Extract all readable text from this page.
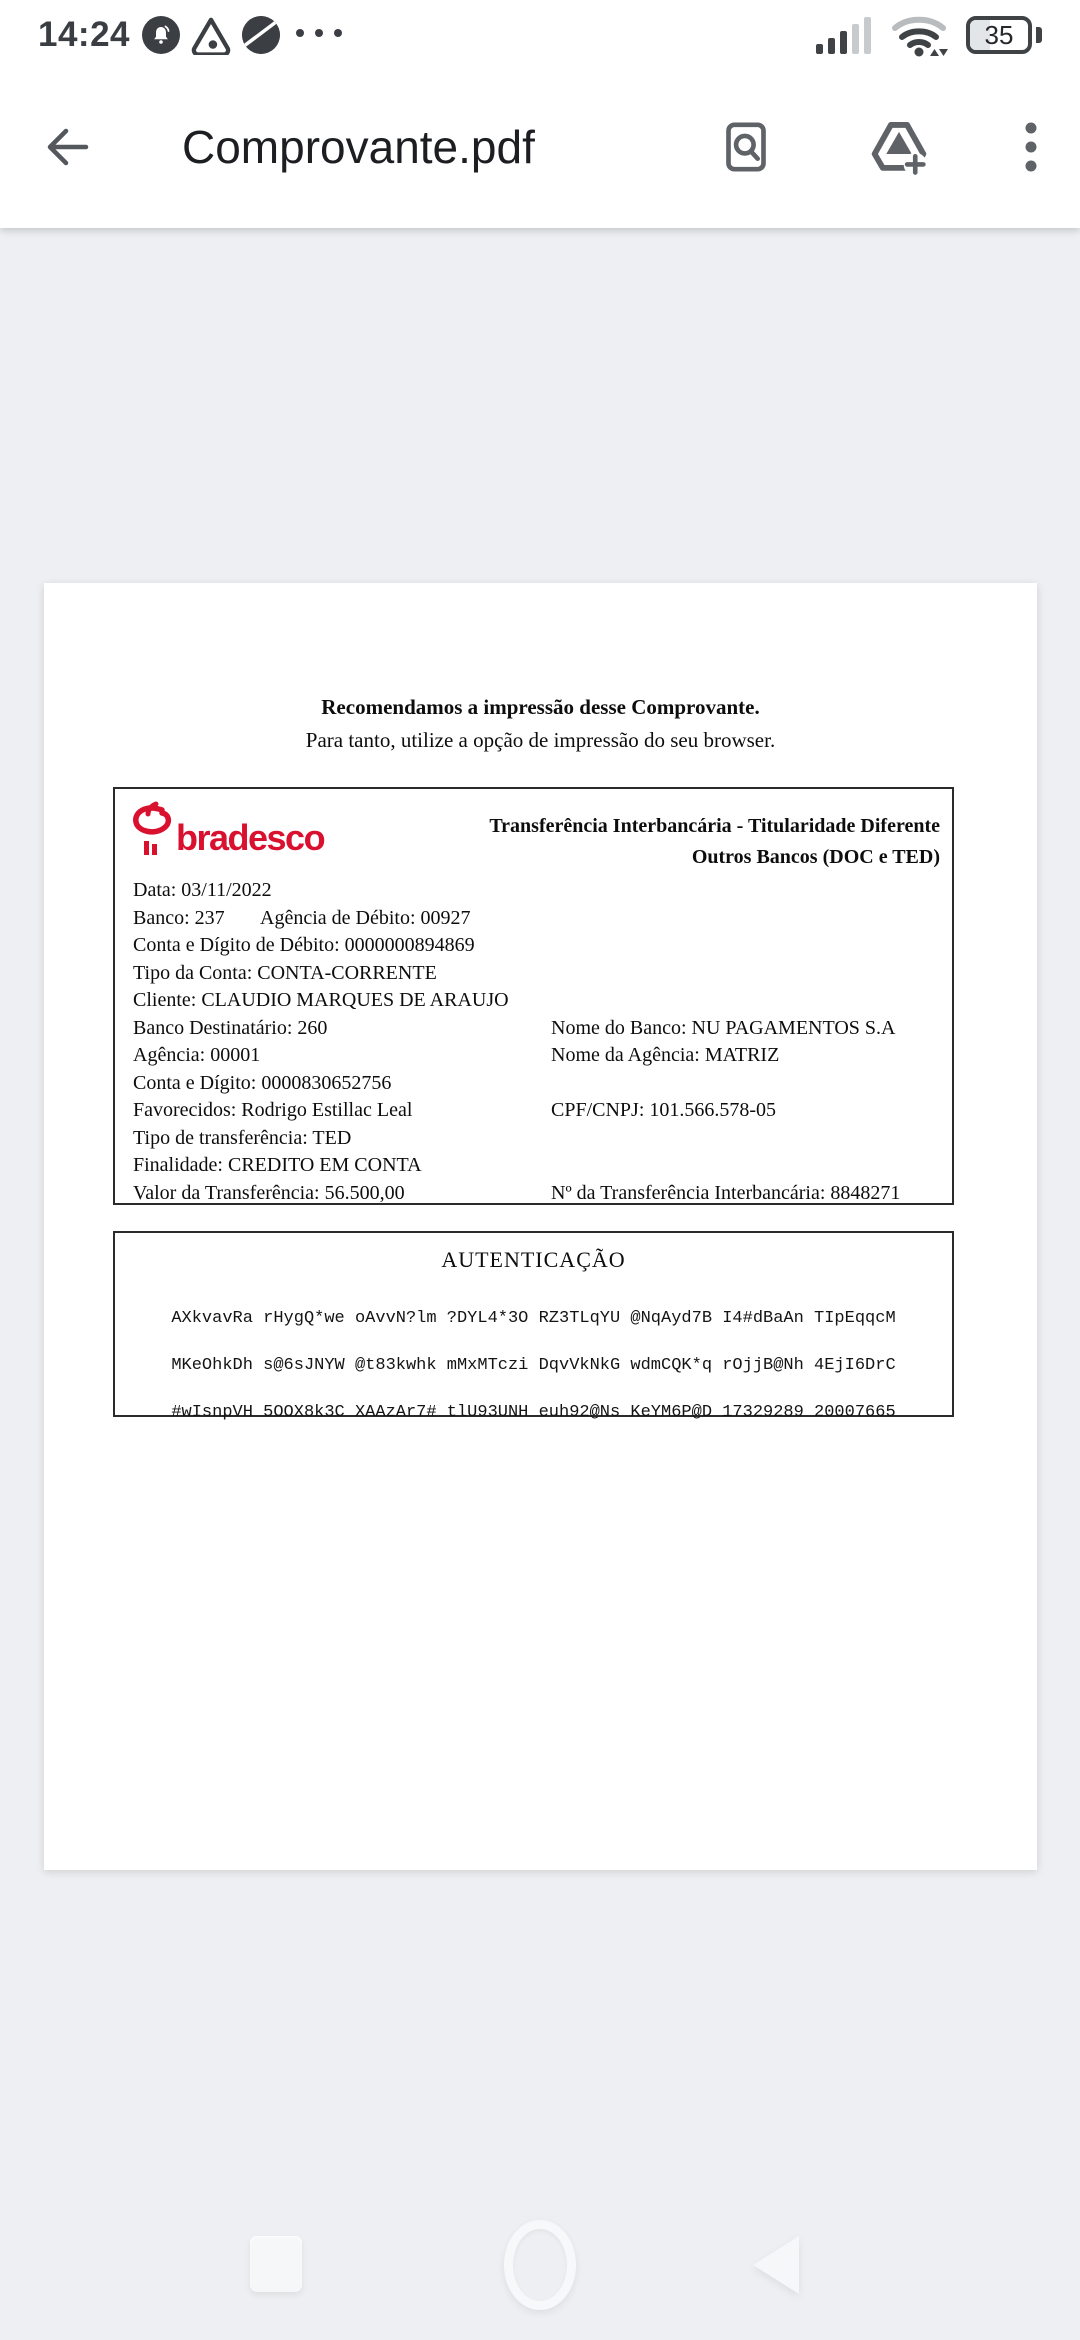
14:24	35
Comprovante.pdf
Recomendamos a impressão desse Comprovante.
Para tanto, utilize a opção de impressão do seu browser.
bradesco	Transferência Interbancária - Titularidade Diferente
Outros Bancos (DOC e TED)
Data: 03/11/2022
Banco: 237 Agência de Débito: 00927
Conta e Dígito de Débito: 0000000894869
Tipo da Conta: CONTA-CORRENTE
Cliente: CLAUDIO MARQUES DE ARAUJO
Banco Destinatário: 260	Nome do Banco: NU PAGAMENTOS S.A
Agência: 00001	Nome da Agência: MATRIZ
Conta e Dígito: 0000830652756
Favorecidos: Rodrigo Estillac Leal	CPF/CNPJ: 101.566.578-05
Tipo de transferência: TED
Finalidade: CREDITO EM CONTA
Valor da Transferência: 56.500,00	Nº da Transferência Interbancária: 8848271
AUTENTICAÇÃO
AXkvavRa rHygQ*we oAvvN?lm ?DYL4*3O RZ3TLqYU @NqAyd7B I4#dBaAn TIpEqqcM
MKeOhkDh s@6sJNYW @t83kwhk mMxMTczi DqvVkNkG wdmCQK*q rOjjB@Nh 4EjI6DrC
#wIsnpVH 5OOX8k3C XAAzAr7# tlU93UNH euh92@Ns KeYM6P@D 17329289 20007665
